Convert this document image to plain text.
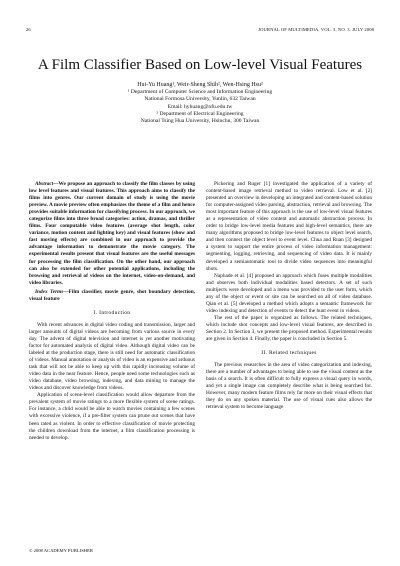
26	JOURNAL OF MULTIMEDIA, VOL. 3, NO. 3, JULY 2008
A Film Classifier Based on Low-level Visual Features
Hui-Yu Huang¹, Weir-Sheng Shih², Wen-Hsing Hsu²
¹ Department of Computer Science and Information Engineering
National Formosa University, Yunlin, 632 Taiwan
Email: hyhuang@nfu.edu.tw
² Department of Electrical Engineering
National Tsing Hua University, Hsinchu, 300 Taiwan

Abstract—We propose an approach to classify the film classes by using low level features and visual features. This approach aims to classify the films into genres. Our current domain of study is using the movie preview. A movie preview often emphasizes the theme of a film and hence provides suitable information for classifying process. In our approach, we categorize films into three broad categories: action, dramas, and thriller films. Four computable video features (average shot length, color variance, motion content and lighting key) and visual features (show and fast moving effects) are combined in our approach to provide the advantage information to demonstrate the movie category. The experimental results present that visual features are the useful messages for processing the film classification. On the other hand, our approach can also be extended for other potential applications, including the browsing and retrieval of videos on the internet, video-on-demand, and video libraries.

Index Terms—Film classifier, movie genre, shot boundary detection, visual feature

I. Introduction

With recent advances in digital video coding and transmission, larger and larger amounts of digital videos are becoming from various source in every day. The advent of digital television and internet is yet another motivating factor for automated analysis of digital video. Although digital video can be labeled at the production stage, there is still need for automatic classification of videos. Manual annotation or analysis of video is an expensive and arduous task that will not be able to keep up with this rapidly increasing volume of video data in the near feature. Hence, people need some technologies such as video database, video browsing, indexing, and data mining to manage the videos and discover knowledge from videos.

Application of scene-level classification would allow departure from the prevalent system of movie ratings to a more flexible system of scene ratings. For instance, a child would be able to watch movies containing a few scenes with excessive violence, if a pre-filter system can prune out scenes that have been rated as violent. In order to effective classification of movie protecting the children download from the internet, a film classification processing is needed to develop.

Pickering and Ruger [1] investigated the application of a variety of content-based image retrieval method to video retrieval. Low et al. [2] presented an overview in developing an integrated and content-based solution for computer-assigned video parsing, abstraction, retrieval and browsing. The most important feature of this approach is the use of low-level visual features as a representation of video content and automatic abstraction process. In order to bridge low-level media features and high-level semantics, there are many algorithms proposed to bridge low-level features to object level search, and then connect the object level to event level. Chua and Ruan [3] designed a system to support the entire process of video information management: segmenting, logging, retrieving, and sequencing of video data. It is mainly developed a semiautomatic tool to divide video sequences into meaningful shots.

Naphade et al. [4] proposed an approach which fuses multiple modalities and observes both individual modalities based detectors. A set of such multijects were developed and a menu was provided to the user form, which any of the object or event or site can be searched on all of video database. Qian et al. [5] developed a method which adopts a semantic framework for video indexing and detection of events to detect the hunt event in videos.

The rest of the paper is organized as follows. The related techniques, which include shot concepts and low-level visual features, are described in Section 2. In Section 3, we present the proposed method. Experimental results are given in Section 4. Finally, the paper is concluded in Section 5.

II. Related techniques

The previous researches in the area of video categorization and indexing, there are a number of advantages to being able to use the visual content as the basis of a search. It is often difficult to fully express a visual query in words, and yet a single image can completely describe what is being searched for. However, many modern feature films rely far more on their visual effects that they do on any spoken material. The use of visual cues also allows the retrieval system to become language

© 2008 ACADEMY PUBLISHER
